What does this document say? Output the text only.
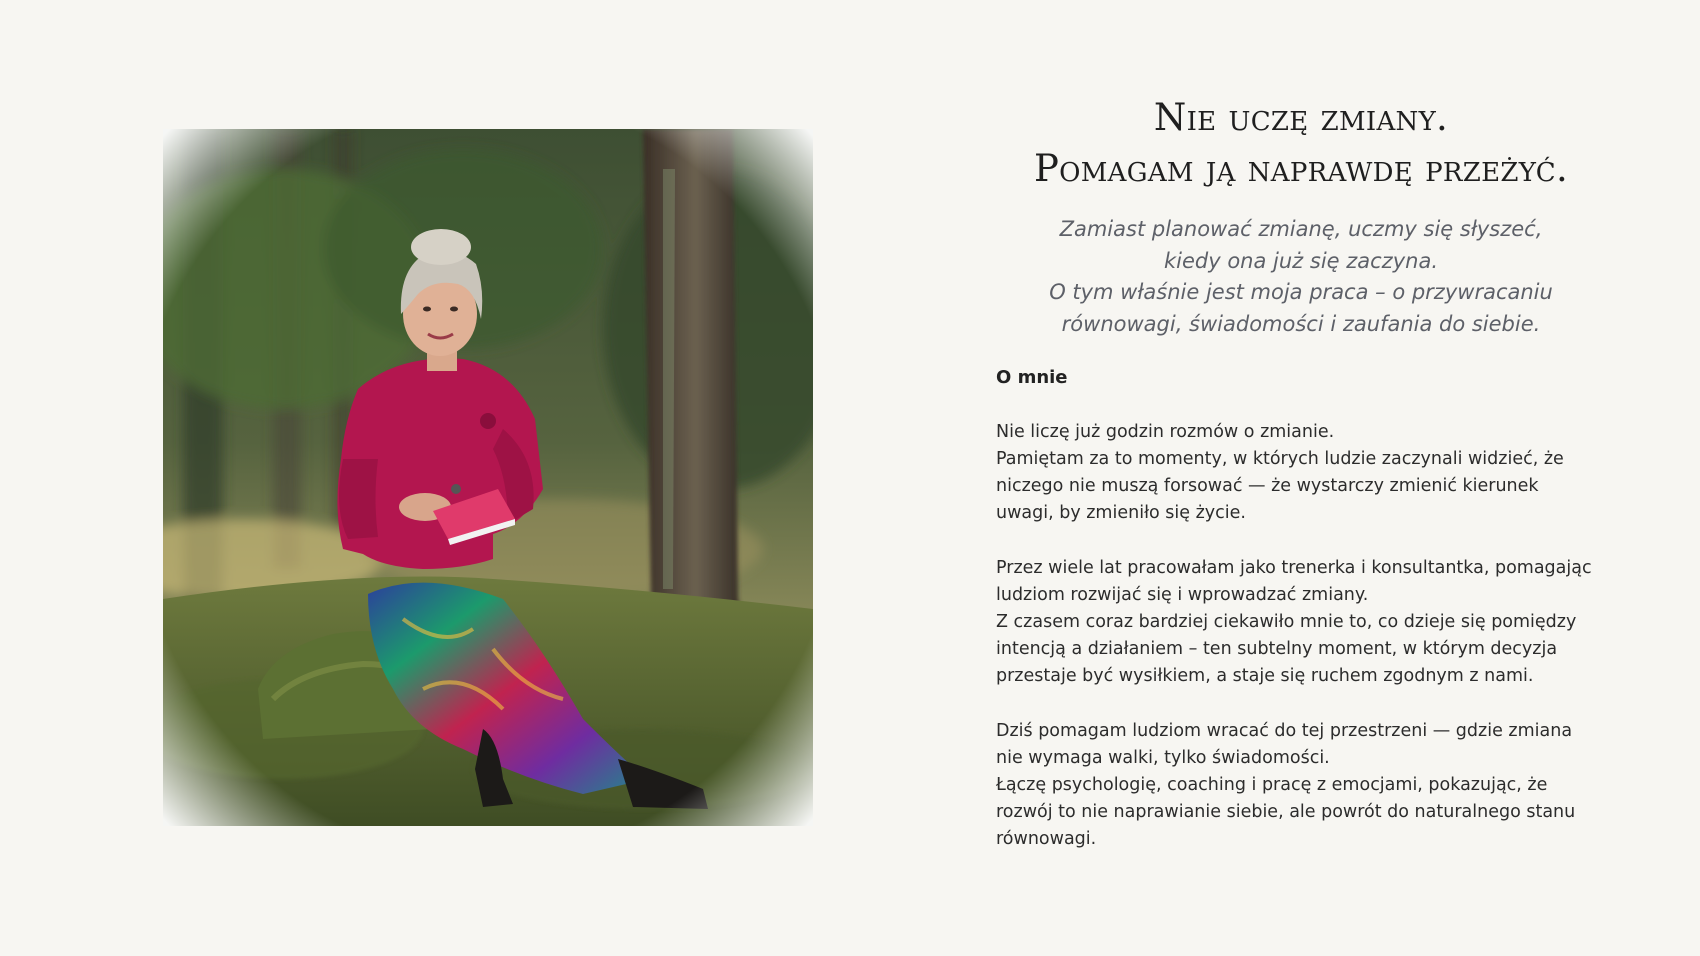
Nie uczę zmiany.
Pomagam ją naprawdę przeżyć.

Zamiast planować zmianę, uczmy się słyszeć,
kiedy ona już się zaczyna.
O tym właśnie jest moja praca – o przywracaniu
równowagi, świadomości i zaufania do siebie.

O mnie

Nie liczę już godzin rozmów o zmianie.
Pamiętam za to momenty, w których ludzie zaczynali widzieć, że
niczego nie muszą forsować — że wystarczy zmienić kierunek
uwagi, by zmieniło się życie.

Przez wiele lat pracowałam jako trenerka i konsultantka, pomagając
ludziom rozwijać się i wprowadzać zmiany.
Z czasem coraz bardziej ciekawiło mnie to, co dzieje się pomiędzy
intencją a działaniem – ten subtelny moment, w którym decyzja
przestaje być wysiłkiem, a staje się ruchem zgodnym z nami.

Dziś pomagam ludziom wracać do tej przestrzeni — gdzie zmiana
nie wymaga walki, tylko świadomości.
Łączę psychologię, coaching i pracę z emocjami, pokazując, że
rozwój to nie naprawianie siebie, ale powrót do naturalnego stanu
równowagi.
